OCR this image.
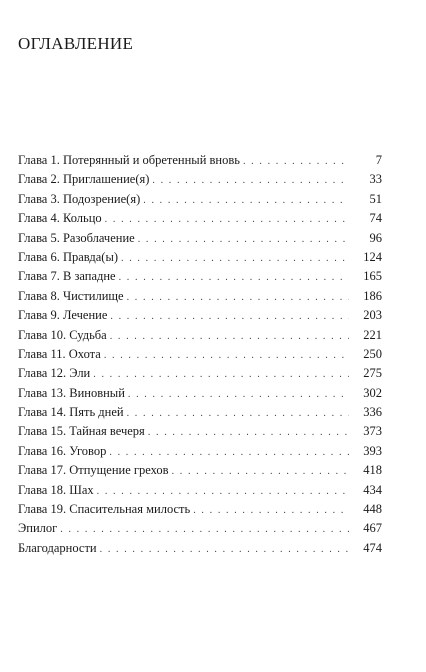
ОГЛАВЛЕНИЕ
Глава 1. Потерянный и обретенный вновь . . .	7
Глава 2. Приглашение(я) . . .	33
Глава 3. Подозрение(я) . . .	51
Глава 4. Кольцо . . .	74
Глава 5. Разоблачение . . .	96
Глава 6. Правда(ы) . . .	124
Глава 7. В западне . . .	165
Глава 8. Чистилище . . .	186
Глава 9. Лечение . . .	203
Глава 10. Судьба . . .	221
Глава 11. Охота . . .	250
Глава 12. Эли . . .	275
Глава 13. Виновный . . .	302
Глава 14. Пять дней . . .	336
Глава 15. Тайная вечеря . . .	373
Глава 16. Уговор . . .	393
Глава 17. Отпущение грехов . . .	418
Глава 18. Шах . . .	434
Глава 19. Спасительная милость . . .	448
Эпилог . . .	467
Благодарности . . .	474
